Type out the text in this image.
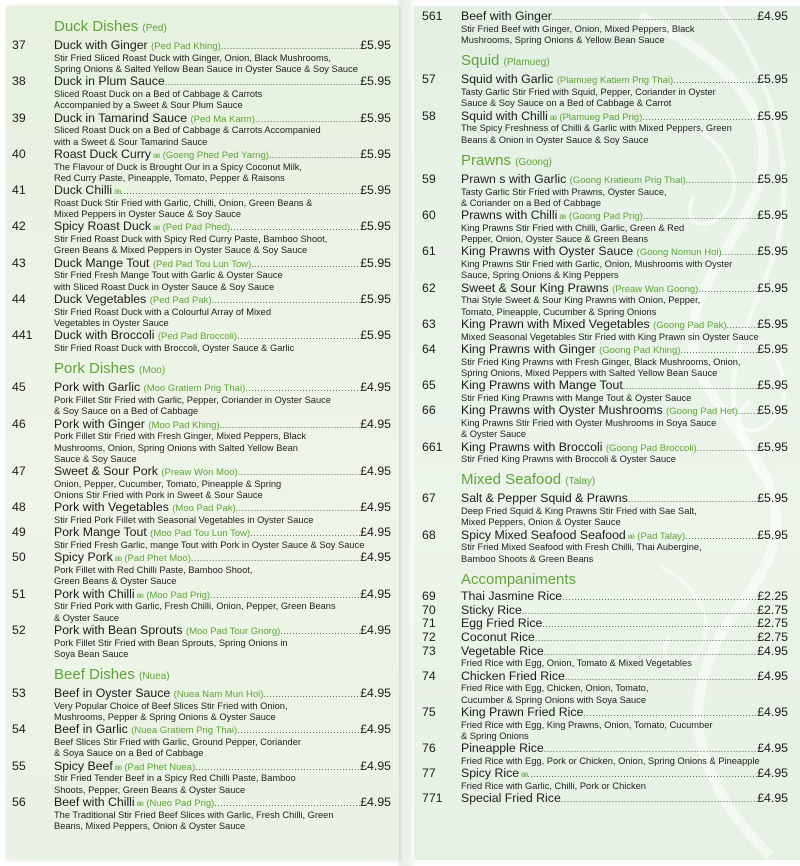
Duck Dishes (Ped)
37	Duck with Ginger
(Ped Pad Khing) .....	£5.95
Stir Fried Sliced Roast Duck with Ginger, Onion, Black Mushrooms,
Spring Onions & Salted Yellow Bean Sauce in Oyster Sauce & Soy Sauce
38	Duck in Plum Sauce .....	£5.95
Sliced Roast Duck on a Bed of Cabbage & Carrots
Accompanied by a Sweet & Sour Plum Sauce
39	Duck in Tamarind Sauce
(Ped Ma Karm) .....	£5.95
Sliced Roast Duck on a Bed of Cabbage & Carrots Accompanied
with a Sweet & Sour Tamarind Sauce
40	Roast Duck Curry ʚʚ
(Goeng Phed Ped Yarng) .....	£5.95
The Flavour of Duck is Brought Our in a Spicy Coconut Milk,
Red Curry Paste, Pineapple, Tomato, Pepper & Raisons
41	Duck Chilli ʚʚ .....	£5.95
Roast Duck Stir Fried with Garlic, Chilli, Onion, Green Beans &
Mixed Peppers in Oyster Sauce & Soy Sauce
42	Spicy Roast Duck ʚʚ
(Ped Pad Phed) .....	£5.95
Stir Fried Roast Duck with Spicy Red Curry Paste, Bamboo Shoot,
Green Beans & Mixed Peppers in Oyster Sauce & Soy Sauce
43	Duck Mange Tout
(Ped Pad Tou Lun Tow) .....	£5.95
Stir Fried Fresh Mange Tout with Garlic & Oyster Sauce
with Sliced Roast Duck in Oyster Sauce & Soy Sauce
44	Duck Vegetables
(Ped Pad Pak) .....	£5.95
Stir Fried Roast Duck with a Colourful Array of Mixed
Vegetables in Oyster Sauce
441	Duck with Broccoli
(Ped Pad Broccoli) .....	£5.95
Stir Fried Roast Duck with Broccoli, Oyster Sauce & Garlic
Pork Dishes (Moo)
45	Pork with Garlic
(Moo Gratiem Prig Thai) .....	£4.95
Pork Fillet Stir Fried with Garlic, Pepper, Coriander in Oyster Sauce
& Soy Sauce on a Bed of Cabbage
46	Pork with Ginger
(Moo Pad Khing) .....	£4.95
Pork Fillet Stir Fried with Fresh Ginger, Mixed Peppers, Black
Mushrooms, Onion, Spring Onions with Salted Yellow Bean
Sauce & Soy Sauce
47	Sweet & Sour Pork
(Preaw Won Moo) .....	£4.95
Onion, Pepper, Cucumber, Tomato, Pineapple & Spring
Onions Stir Fried with Pork in Sweet & Sour Sauce
48	Pork with Vegetables
(Moo Pad Pak) .....	£4.95
Stir Fried Pork Fillet with Seasonal Vegetables in Oyster Sauce
49	Pork Mange Tout
(Moo Pad Tou Lun Tow) .....	£4.95
Stir Fried Fresh Garlic, mange Tout with Pork in Oyster Sauce & Soy Sauce
50	Spicy Pork ʚʚ
(Pad Phet Moo) .....	£4.95
Pork Fillet with Red Chilli Paste, Bamboo Shoot,
Green Beans & Oyster Sauce
51	Pork with Chilli ʚʚ
(Moo Pad Prig) .....	£4.95
Stir Fried Pork with Garlic, Fresh Chilli, Onion, Pepper, Green Beans
& Oyster Sauce
52	Pork with Bean Sprouts
(Moo Pad Tour Gnorg) .....	£4.95
Pork Fillet Stir Fried with Bean Sprouts, Spring Onions in
Soya Bean Sauce
Beef Dishes (Nuea)
53	Beef in Oyster Sauce
(Nuea Nam Mun Hoi) .....	£4.95
Very Popular Choice of Beef Slices Stir Fried with Onion,
Mushrooms, Pepper & Spring Onions & Oyster Sauce
54	Beef in Garlic
(Nuea Gratiem Prig Thai) .....	£4.95
Beef Slices Stir Fried with Garlic, Ground Pepper, Coriander
& Soya Sauce on a Bed of Cabbage
55	Spicy Beef ʚʚ
(Pad Phet Nuea) .....	£4.95
Stir Fried Tender Beef in a Spicy Red Chilli Paste, Bamboo
Shoots, Pepper, Green Beans & Oyster Sauce
56	Beef with Chilli ʚʚ
(Nueo Pad Prig) .....	£4.95
The Traditional Stir Fried Beef Slices with Garlic, Fresh Chilli, Green
Beans, Mixed Peppers, Onion & Oyster Sauce
561	Beef with Ginger .....	£4.95
Stir Fried Beef with Ginger, Onion, Mixed Peppers, Black
Mushrooms, Spring Onions & Yellow Bean Sauce
Squid (Plamueg)
57	Squid with Garlic
(Plamueg Katiem Prig Thai) .....	£5.95
Tasty Garlic Stir Fried with Squid, Pepper, Coriander in Oyster
Sauce & Soy Sauce on a Bed of Cabbage & Carrot
58	Squid with Chilli ʚʚ
(Plamueg Pad Prig) .....	£5.95
The Spicy Freshness of Chilli & Garlic with Mixed Peppers, Green
Beans & Onion in Oyster Sauce & Soy Sauce
Prawns (Goong)
59	Prawn s with Garlic
(Goong Kratieum Prig Thai) .....	£5.95
Tasty Garlic Stir Fried with Prawns, Oyster Sauce,
& Coriander on a Bed of Cabbage
60	Prawns with Chilli ʚʚ
(Goong Pad Prig) .....	£5.95
King Prawns Stir Fried with Chilli, Garlic, Green & Red
Pepper, Onion, Oyster Sauce & Green Beans
61	King Prawns with Oyster Sauce
(Goong Nomun Hoi) .....	£5.95
King Prawns Stir Fried with Garlic, Onion, Mushrooms with Oyster
Sauce, Spring Onions & King Peppers
62	Sweet & Sour King Prawns
(Preaw Wan Goong) .....	£5.95
Thai Style Sweet & Sour King Prawns with Onion, Pepper,
Tomato, Pineapple, Cucumber & Spring Onions
63	King Prawn with Mixed Vegetables
(Goong Pad Pak) ..... £5.95
Mixed Seasonal Vegetables Stir Fried with King Prawn sin Oyster Sauce
64	King Prawns with Ginger
(Goong Pad Khing) .....	£5.95
Stir Fried King Prawns with Fresh Ginger, Black Mushrooms, Onion,
Spring Onions, Mixed Peppers with Salted Yellow Bean Sauce
65	King Prawns with Mange Tout .....	£5.95
Stir Fried King Prawns with Mange Tout & Oyster Sauce
66	King Prawns with Oyster Mushrooms
(Goong Pad Het) ..... £5.95
King Prawns Stir Fried with Oyster Mushrooms in Soya Sauce
& Oyster Sauce
661	King Prawns with Broccoli
(Goong Pad Broccoli) .....	£5.95
Stir Fried King Prawns with Broccoli & Oyster Sauce
Mixed Seafood (Talay)
67	Salt & Pepper Squid & Prawns .....	£5.95
Deep Fried Squid & King Prawns Stir Fried with Sae Salt,
Mixed Peppers, Onion & Oyster Sauce
68	Spicy Mixed Seafood Seafood ʚʚ
(Pad Talay) .....	£5.95
Stir Fried Mixed Seafood with Fresh Chilli, Thai Aubergine,
Bamboo Shoots & Green Beans
Accompaniments
69	Thai Jasmine Rice .....	£2.25
70	Sticky Rice .....	£2.75
71	Egg Fried Rice .....	£2.75
72	Coconut Rice .....	£2.75
73	Vegetable Rice .....	£4.95
Fried Rice with Egg, Onion, Tomato & Mixed Vegetables
74	Chicken Fried Rice .....	£4.95
Fried Rice with Egg, Chicken, Onion, Tomato,
Cucumber & Spring Onions with Soya Sauce
75	King Prawn Fried Rice .....	£4.95
Fried Rice with Egg, King Prawns, Onion, Tomato, Cucumber
& Spring Onions
76	Pineapple Rice .....	£4.95
Fried Rice with Egg, Pork or Chicken, Onion, Spring Onions & Pineapple
77	Spicy Rice ʚʚ .....	£4.95
Fried Rice with Garlic, Chilli, Pork or Chicken
771	Special Fried Rice .....	£4.95
